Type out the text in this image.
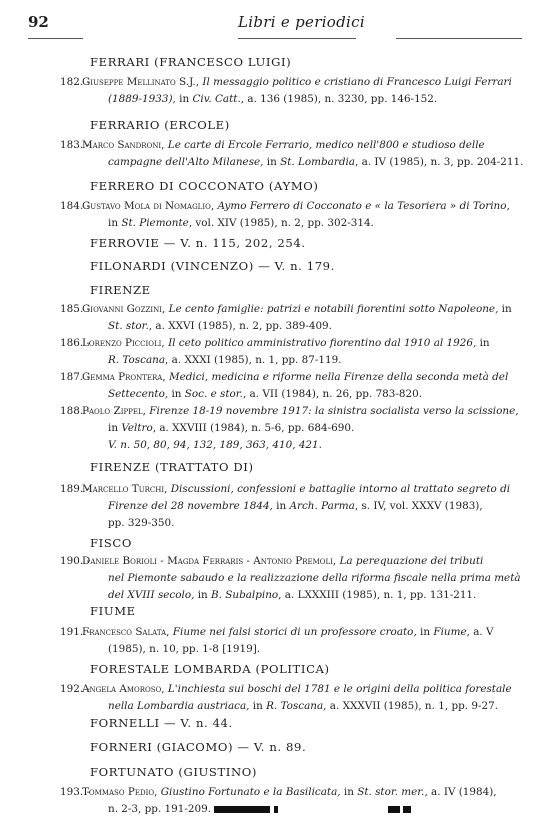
92	Libri e periodici
FERRARI (FRANCESCO LUIGI)
182. -
Giuseppe Mellinato S.J., Il messaggio politico e cristiano di Francesco Luigi Ferrari
(1889-1933), in Civ. Catt., a. 136 (1985), n. 3230, pp. 146-152.
FERRARIO (ERCOLE)
183. -
Marco Sandroni, Le carte di Ercole Ferrario, medico nell'800 e studioso delle
campagne dell'Alto Milanese, in St. Lombardia, a. IV (1985), n. 3, pp. 204-211.
FERRERO DI COCCONATO (AYMO)
184. -
Gustavo Mola di Nomaglio, Aymo Ferrero di Cocconato e « la Tesoriera » di Torino,
in St. Piemonte, vol. XIV (1985), n. 2, pp. 302-314.
FERROVIE — V. n. 115, 202, 254.
FILONARDI (VINCENZO) — V. n. 179.
FIRENZE
185. -
Giovanni Gozzini, Le cento famiglie: patrizi e notabili fiorentini sotto Napoleone, in
St. stor., a. XXVI (1985), n. 2, pp. 389-409.
186. -
Lorenzo Piccioli, Il ceto politico amministrativo fiorentino dal 1910 al 1926, in
R. Toscana, a. XXXI (1985), n. 1, pp. 87-119.
187. -
Gemma Prontera, Medici, medicina e riforme nella Firenze della seconda metà del
Settecento, in Soc. e stor., a. VII (1984), n. 26, pp. 783-820.
188. -
Paolo Zippel, Firenze 18-19 novembre 1917: la sinistra socialista verso la scissione,
in Veltro, a. XXVIII (1984), n. 5-6, pp. 684-690.
V. n. 50, 80, 94, 132, 189, 363, 410, 421.
FIRENZE (TRATTATO DI)
189. -
Marcello Turchi, Discussioni, confessioni e battaglie intorno al trattato segreto di
Firenze del 28 novembre 1844, in Arch. Parma, s. IV, vol. XXXV (1983),
pp. 329-350.
FISCO
190. -
Daniele Borioli - Magda Ferraris - Antonio Premoli, La perequazione dei tributi
nel Piemonte sabaudo e la realizzazione della riforma fiscale nella prima metà
del XVIII secolo, in B. Subalpino, a. LXXXIII (1985), n. 1, pp. 131-211.
FIUME
191. -
Francesco Salata, Fiume nei falsi storici di un professore croato, in Fiume, a. V
(1985), n. 10, pp. 1-8 [1919].
FORESTALE LOMBARDA (POLITICA)
192. -
Angela Amoroso, L'inchiesta sui boschi del 1781 e le origini della politica forestale
nella Lombardia austriaca, in R. Toscana, a. XXXVII (1985), n. 1, pp. 9-27.
FORNELLI — V. n. 44.
FORNERI (GIACOMO) — V. n. 89.
FORTUNATO (GIUSTINO)
193. -
Tommaso Pedio, Giustino Fortunato e la Basilicata, in St. stor. mer., a. IV (1984),
n. 2-3, pp. 191-209.
